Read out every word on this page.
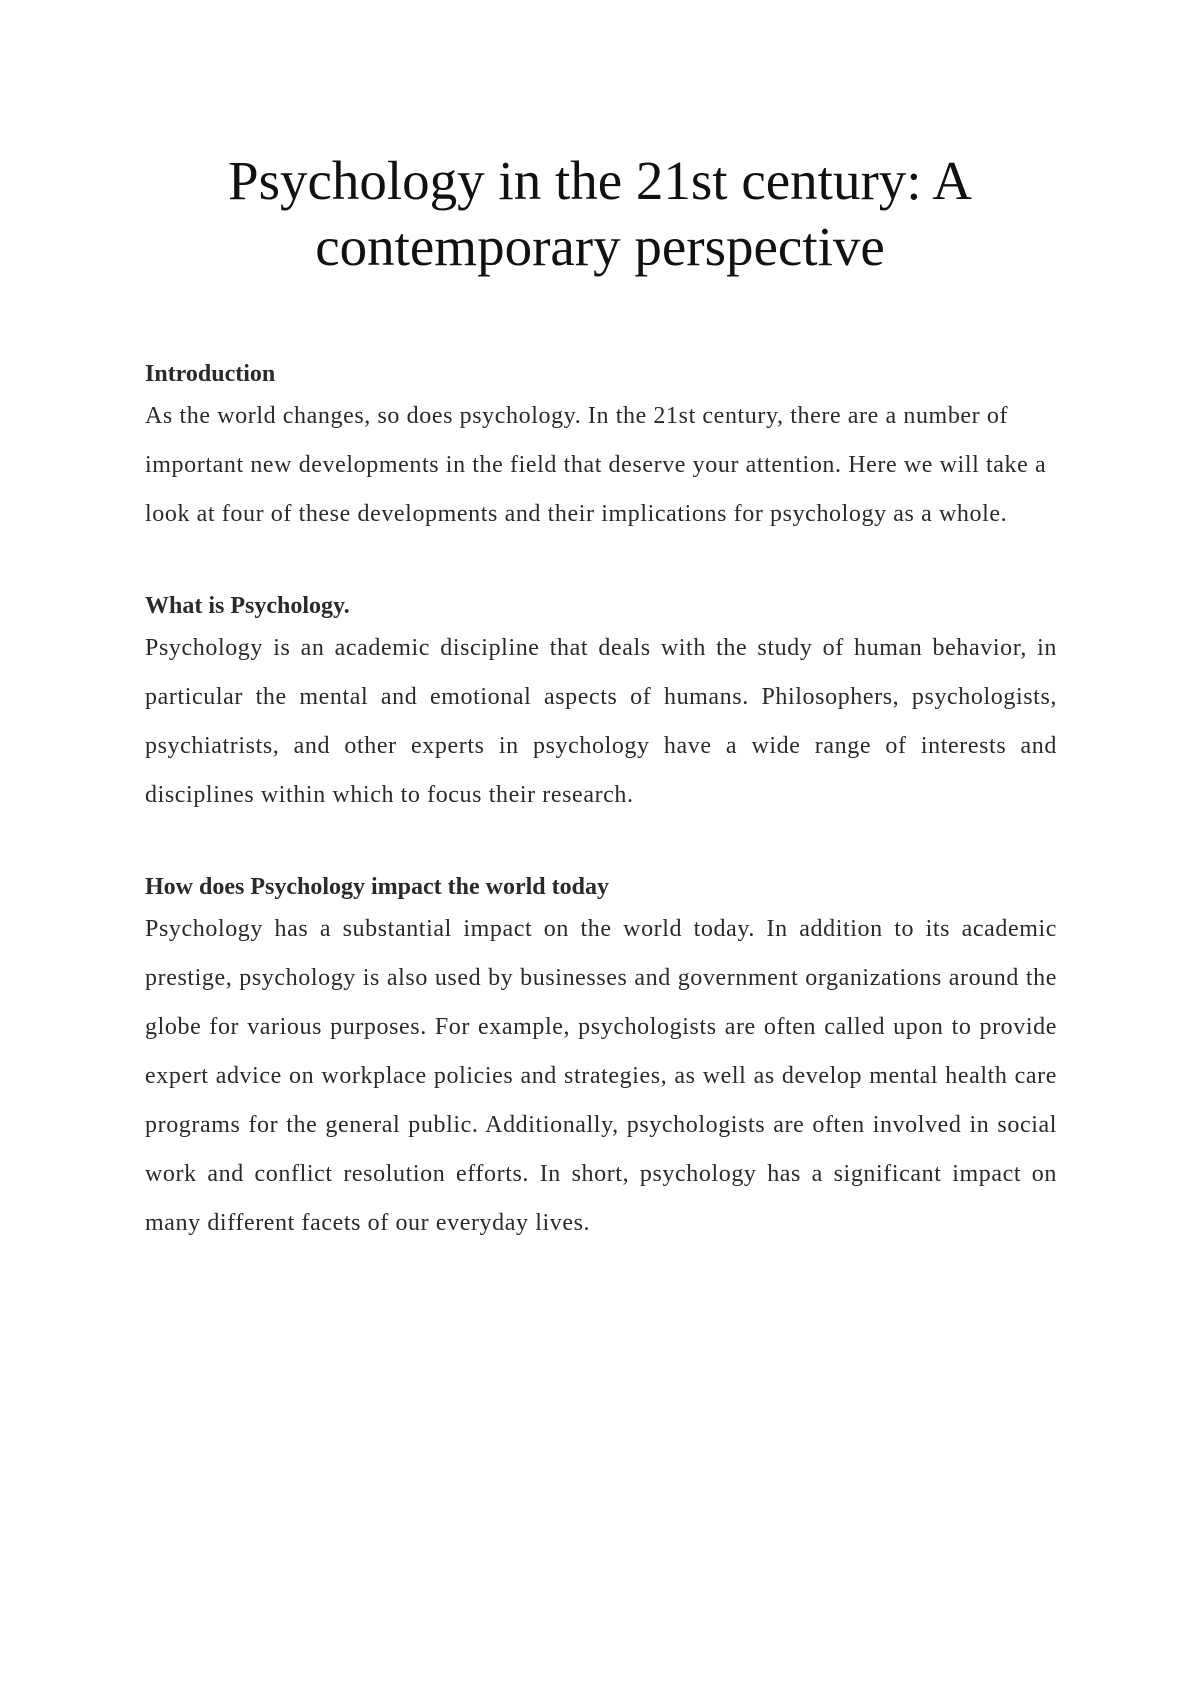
Psychology in the 21st century: A contemporary perspective
Introduction

As the world changes, so does psychology. In the 21st century, there are a number of important new developments in the field that deserve your attention. Here we will take a look at four of these developments and their implications for psychology as a whole.

What is Psychology.

Psychology is an academic discipline that deals with the study of human behavior, in particular the mental and emotional aspects of humans. Philosophers, psychologists, psychiatrists, and other experts in psychology have a wide range of interests and disciplines within which to focus their research.

How does Psychology impact the world today

Psychology has a substantial impact on the world today. In addition to its academic prestige, psychology is also used by businesses and government organizations around the globe for various purposes. For example, psychologists are often called upon to provide expert advice on workplace policies and strategies, as well as develop mental health care programs for the general public. Additionally, psychologists are often involved in social work and conflict resolution efforts. In short, psychology has a significant impact on many different facets of our everyday lives.
